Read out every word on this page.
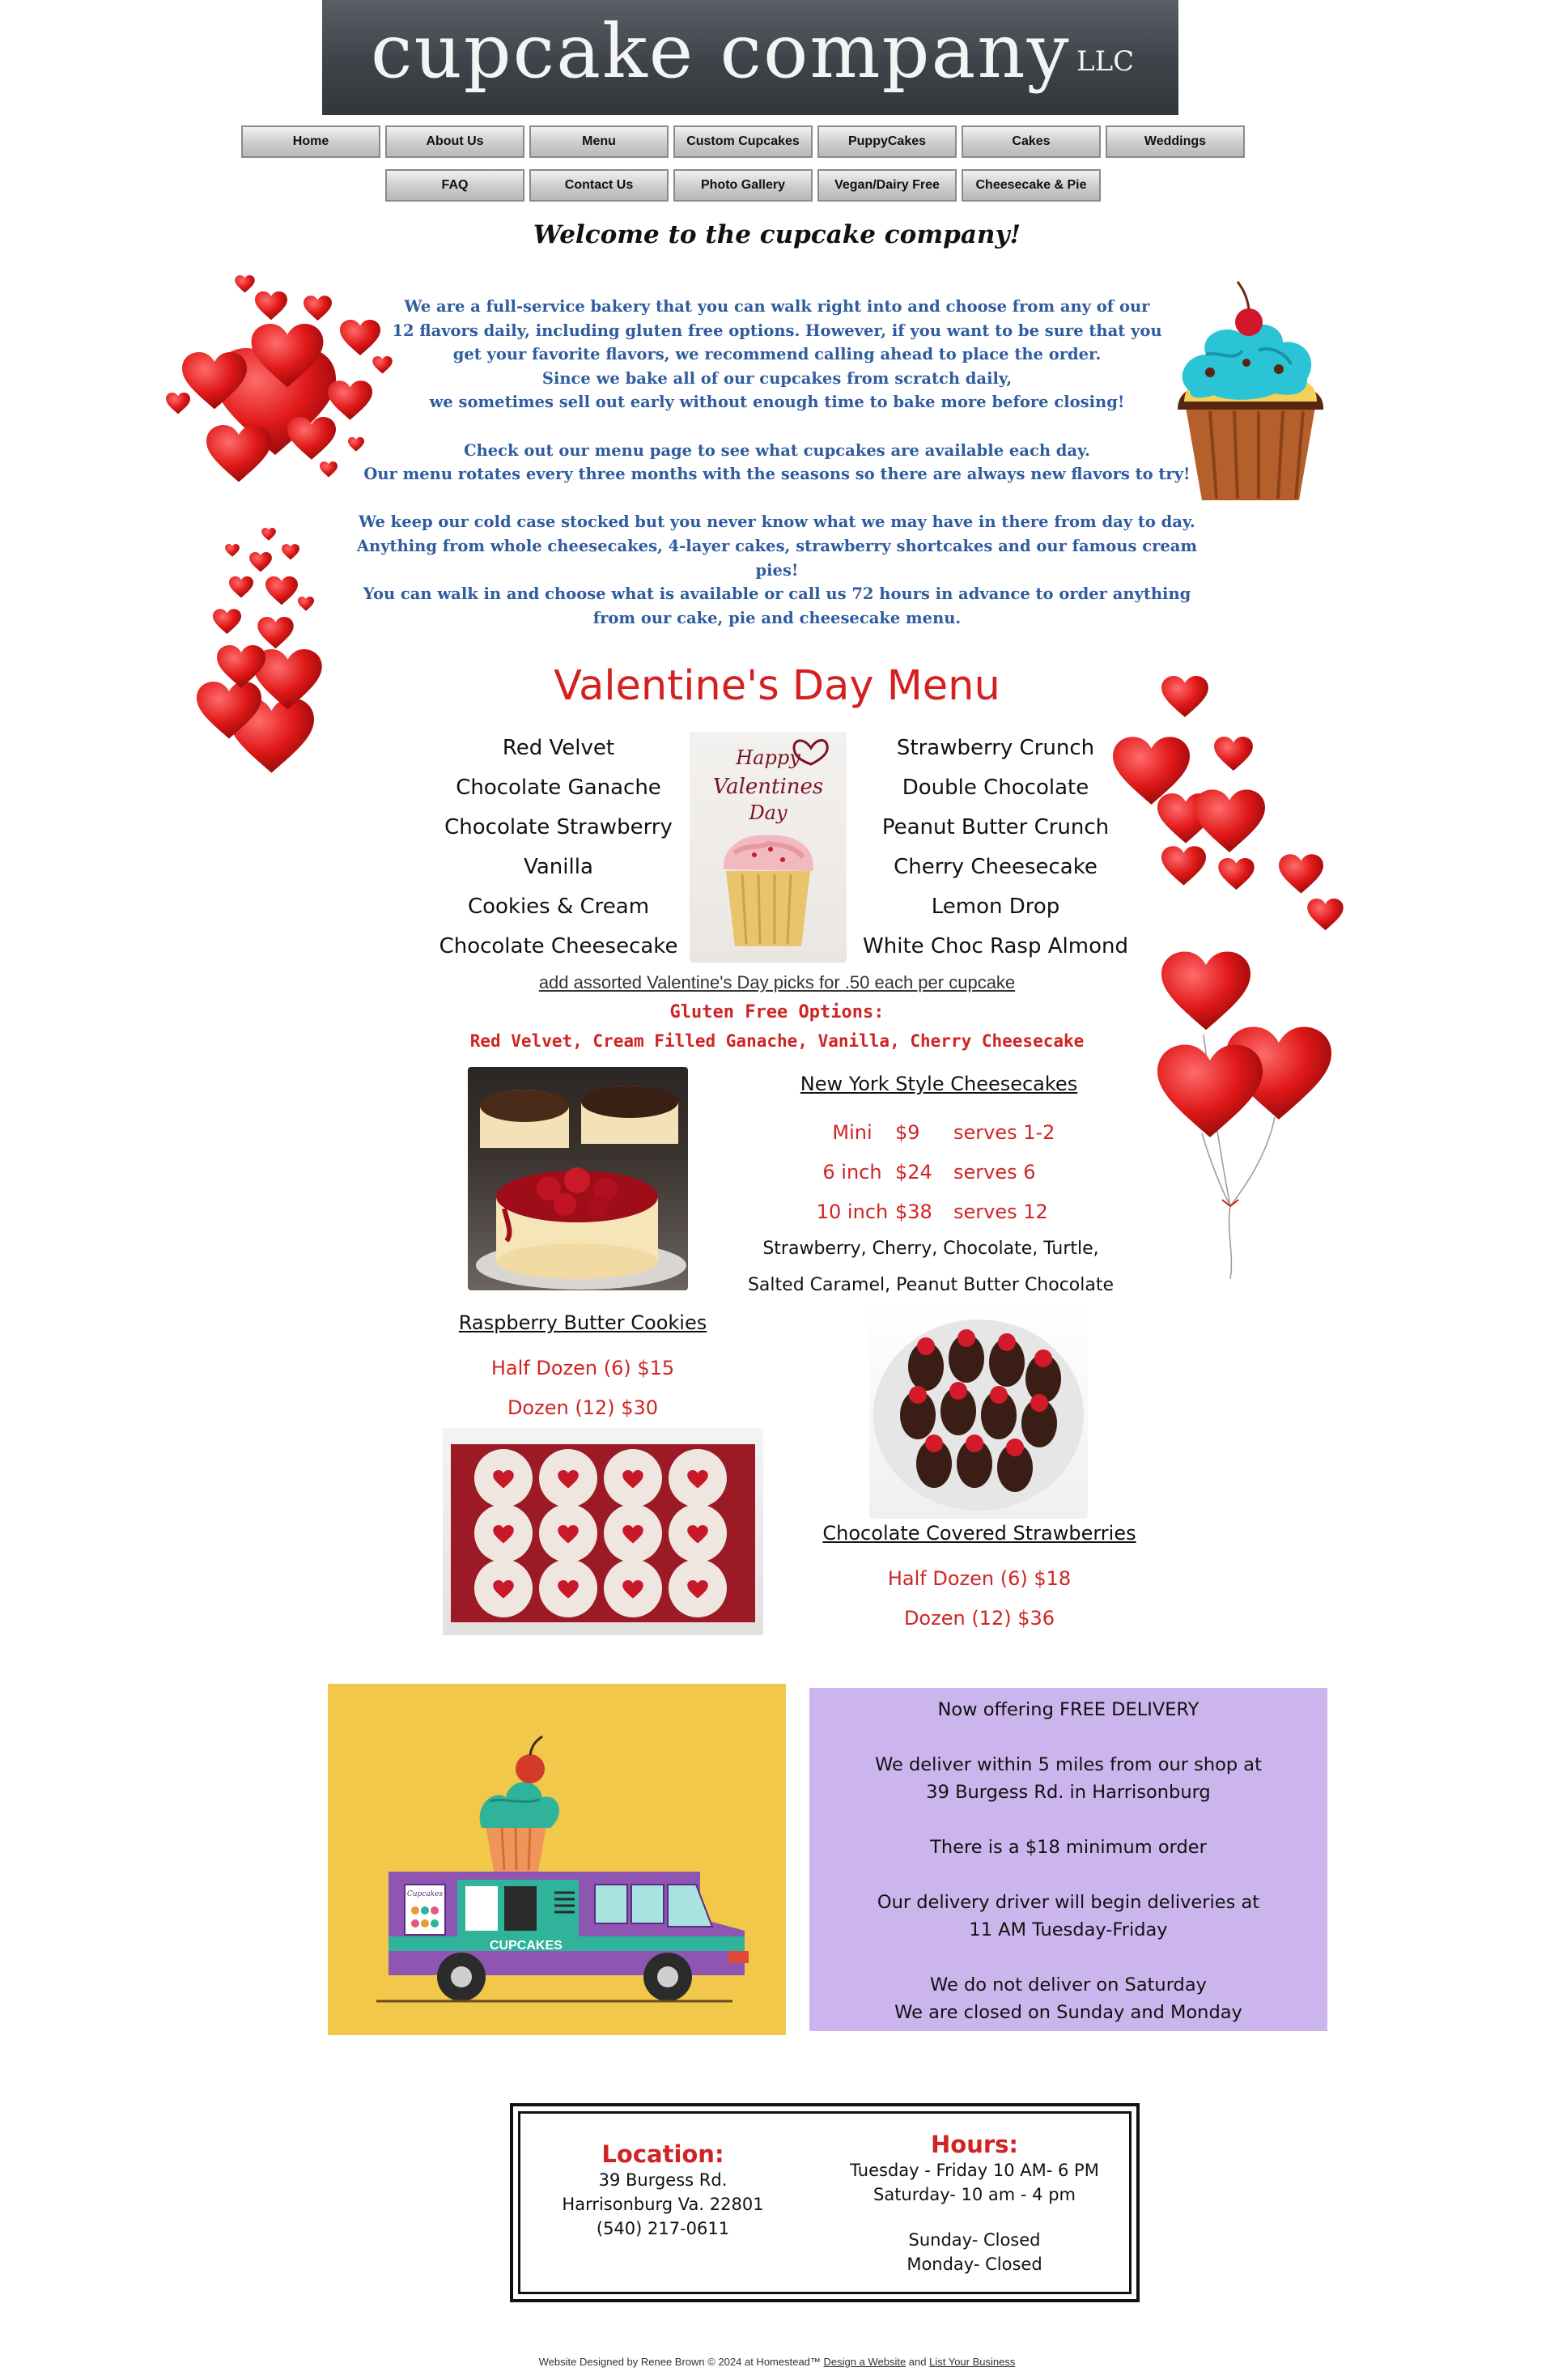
cupcake company LLC
Home	About Us	Menu	Custom Cupcakes	PuppyCakes	Cakes	Weddings
FAQ	Contact Us	Photo Gallery	Vegan/Dairy Free	Cheesecake & Pie
Welcome to the cupcake company!

We are a full-service bakery that you can walk right into and choose from any of our
12 flavors daily, including gluten free options. However, if you want to be sure that you
get your favorite flavors, we recommend calling ahead to place the order.
Since we bake all of our cupcakes from scratch daily,
we sometimes sell out early without enough time to bake more before closing!

Check out our menu page to see what cupcakes are available each day.
Our menu rotates every three months with the seasons so there are always new flavors to try!

We keep our cold case stocked but you never know what we may have in there from day to day.
Anything from whole cheesecakes, 4-layer cakes, strawberry shortcakes and our famous cream pies!
You can walk in and choose what is available or call us 72 hours in advance to order anything
from our cake, pie and cheesecake menu.

Valentine's Day Menu
Red Velvet
Chocolate Ganache
Chocolate Strawberry
Vanilla
Cookies & Cream
Chocolate Cheesecake
Strawberry Crunch
Double Chocolate
Peanut Butter Crunch
Cherry Cheesecake
Lemon Drop
White Choc Rasp Almond
Happy
Valentines
Day
add assorted Valentine's Day picks for .50 each per cupcake
Gluten Free Options:
Red Velvet, Cream Filled Ganache, Vanilla, Cherry Cheesecake
New York Style Cheesecakes
Mini $9 serves 1-2
6 inch $24 serves 6
10 inch $38 serves 12
Strawberry, Cherry, Chocolate, Turtle,
Salted Caramel, Peanut Butter Chocolate
Raspberry Butter Cookies
Half Dozen (6) $15
Dozen (12) $30
Chocolate Covered Strawberries
Half Dozen (6) $18
Dozen (12) $36
Cupcakes
CUPCAKES

Now offering FREE DELIVERY

We deliver within 5 miles from our shop at

39 Burgess Rd. in Harrisonburg

There is a $18 minimum order

Our delivery driver will begin deliveries at

11 AM Tuesday-Friday

We do not deliver on Saturday

We are closed on Sunday and Monday

Location:
39 Burgess Rd.
Harrisonburg Va. 22801
(540) 217-0611
Hours:
Tuesday - Friday 10 AM- 6 PM
Saturday- 10 am - 4 pm
Sunday- Closed
Monday- Closed
Website Designed by Renee Brown © 2024 at Homestead™ Design a Website and List Your Business
